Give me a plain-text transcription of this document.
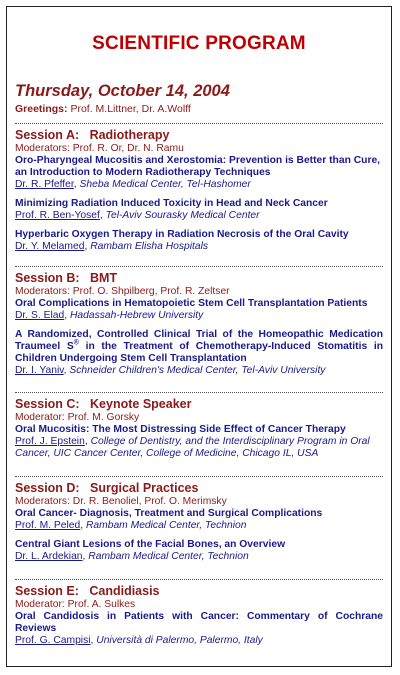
SCIENTIFIC PROGRAM
Thursday, October 14, 2004
Greetings: Prof. M.Littner, Dr. A.Wolff
Session A: Radiotherapy
Moderators: Prof. R. Or, Dr. N. Ramu
Oro-Pharyngeal Mucositis and Xerostomia: Prevention is Better than Cure, an Introduction to Modern Radiotherapy Techniques
Dr. R. Pfeffer, Sheba Medical Center, Tel-Hashomer
Minimizing Radiation Induced Toxicity in Head and Neck Cancer
Prof. R. Ben-Yosef, Tel-Aviv Sourasky Medical Center
Hyperbaric Oxygen Therapy in Radiation Necrosis of the Oral Cavity
Dr. Y. Melamed, Rambam Elisha Hospitals
Session B: BMT
Moderators: Prof. O. Shpilberg, Prof. R. Zeltser
Oral Complications in Hematopoietic Stem Cell Transplantation Patients
Dr. S. Elad, Hadassah-Hebrew University
A Randomized, Controlled Clinical Trial of the Homeopathic Medication Traumeel S® in the Treatment of Chemotherapy-Induced Stomatitis in Children Undergoing Stem Cell Transplantation
Dr. I. Yaniv, Schneider Children's Medical Center, Tel-Aviv University
Session C: Keynote Speaker
Moderator: Prof. M. Gorsky
Oral Mucositis: The Most Distressing Side Effect of Cancer Therapy
Prof. J. Epstein, College of Dentistry, and the Interdisciplinary Program in Oral Cancer, UIC Cancer Center, College of Medicine, Chicago IL, USA
Session D: Surgical Practices
Moderators: Dr. R. Benoliel, Prof. O. Merimsky
Oral Cancer- Diagnosis, Treatment and Surgical Complications
Prof. M. Peled, Rambam Medical Center, Technion
Central Giant Lesions of the Facial Bones, an Overview
Dr. L. Ardekian, Rambam Medical Center, Technion
Session E: Candidiasis
Moderator: Prof. A. Sulkes
Oral Candidosis in Patients with Cancer: Commentary of Cochrane Reviews
Prof. G. Campisi, Università di Palermo, Palermo, Italy
